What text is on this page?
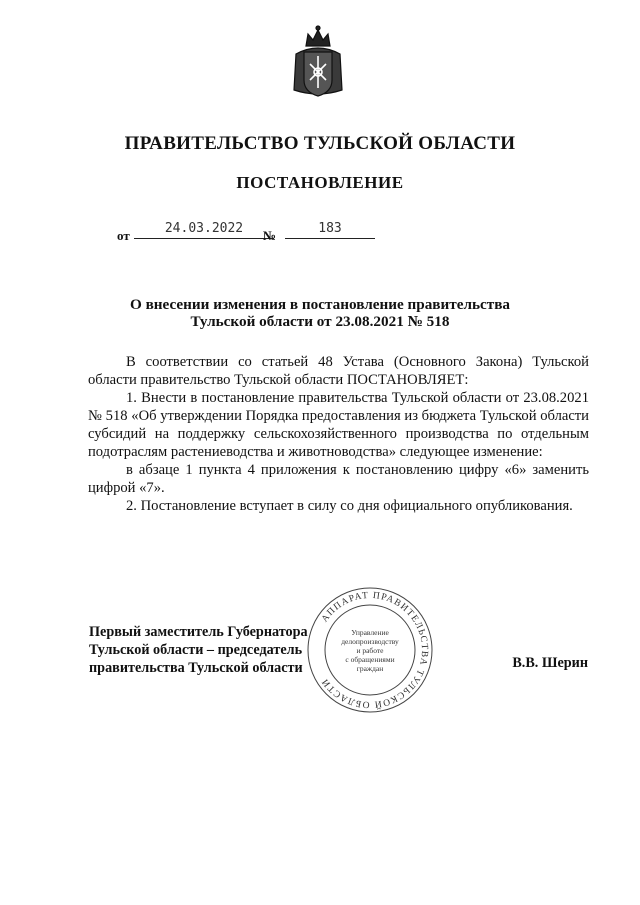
ПРАВИТЕЛЬСТВО ТУЛЬСКОЙ ОБЛАСТИ
ПОСТАНОВЛЕНИЕ
от	24.03.2022	№	183

О внесении изменения в постановление правительства

Тульской области от 23.08.2021 № 518

В соответствии со статьей 48 Устава (Основного Закона) Тульской области правительство Тульской области ПОСТАНОВЛЯЕТ:

1. Внести в постановление правительства Тульской области от 23.08.2021 № 518 «Об утверждении Порядка предоставления из бюджета Тульской области субсидий на поддержку сельскохозяйственного производства по отдельным подотраслям растениеводства и животноводства» следующее изменение:

в абзаце 1 пункта 4 приложения к постановлению цифру «6» заменить цифрой «7».

2. Постановление вступает в силу со дня официального опубликования.

Первый заместитель Губернатора

Тульской области – председатель

правительства Тульской области	В.В. Шерин

АППАРАТ ПРАВИТЕЛЬСТВА ТУЛЬСКОЙ ОБЛАСТИ
Управление
делопроизводству
и работе
с обращениями
граждан
